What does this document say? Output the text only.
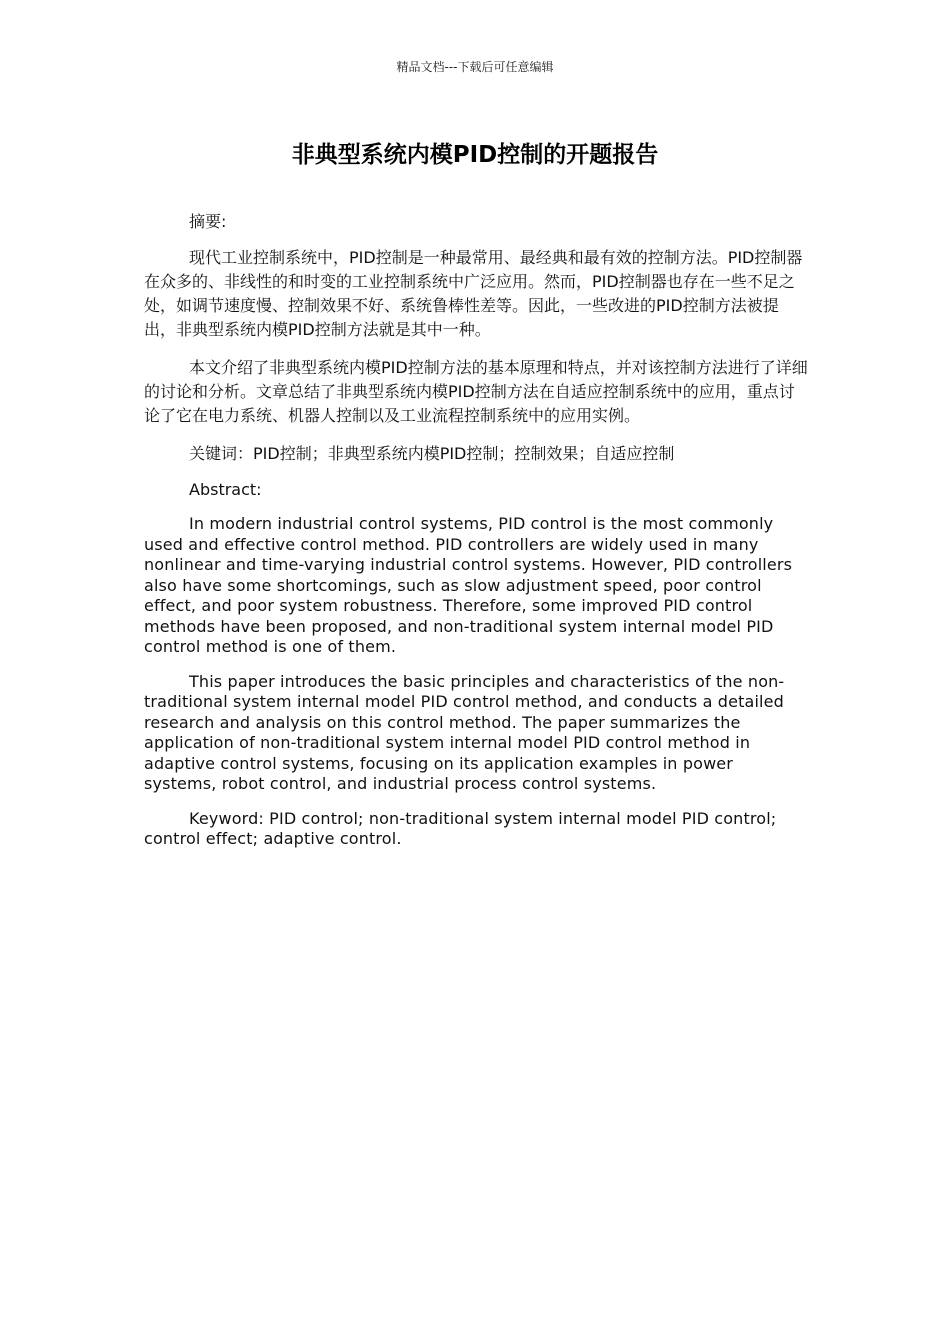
精品文档---下载后可任意编辑
非典型系统内模PID控制的开题报告

摘要:

现代工业控制系统中，PID控制是一种最常用、最经典和最有效的控制方法。PID控制器在众多的、非线性的和时变的工业控制系统中广泛应用。然而，PID控制器也存在一些不足之处，如调节速度慢、控制效果不好、系统鲁棒性差等。因此，一些改进的PID控制方法被提出，非典型系统内模PID控制方法就是其中一种。

本文介绍了非典型系统内模PID控制方法的基本原理和特点，并对该控制方法进行了详细的讨论和分析。文章总结了非典型系统内模PID控制方法在自适应控制系统中的应用，重点讨论了它在电力系统、机器人控制以及工业流程控制系统中的应用实例。

关键词：PID控制；非典型系统内模PID控制；控制效果；自适应控制

Abstract:

In modern industrial control systems, PID control is the most commonly used and effective control method. PID controllers are widely used in many nonlinear and time-varying industrial control systems. However, PID controllers also have some shortcomings, such as slow adjustment speed, poor control effect, and poor system robustness. Therefore, some improved PID control methods have been proposed, and non-traditional system internal model PID control method is one of them.

This paper introduces the basic principles and characteristics of the non-traditional system internal model PID control method, and conducts a detailed research and analysis on this control method. The paper summarizes the application of non-traditional system internal model PID control method in adaptive control systems, focusing on its application examples in power systems, robot control, and industrial process control systems.

Keyword: PID control; non-traditional system internal model PID control; control effect; adaptive control.
